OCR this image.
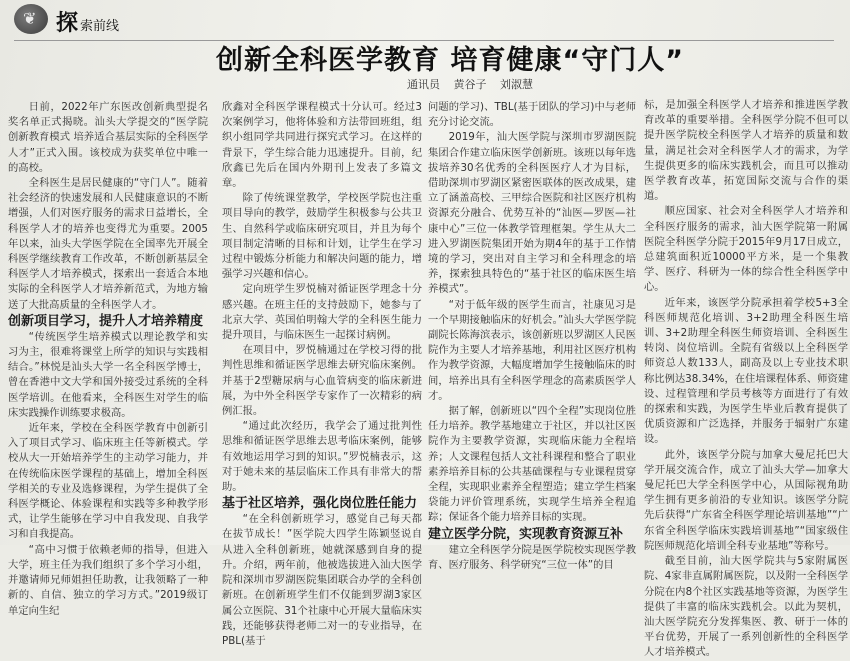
❦ 探索前线
创新全科医学教育 培育健康“守门人”
通讯员 黄谷子 刘淑慧

日前，2022年广东医改创新典型提名奖名单正式揭晓。汕头大学提交的“医学院创新教育模式 培养适合基层实际的全科医学人才”正式入围。该校成为获奖单位中唯一的高校。

全科医生是居民健康的“守门人”。随着社会经济的快速发展和人民健康意识的不断增强，人们对医疗服务的需求日益增长，全科医学人才的培养也变得尤为重要。2005年以来，汕头大学医学院在全国率先开展全科医学继续教育工作改革，不断创新基层全科医学人才培养模式，探索出一套适合本地实际的全科医学人才培养新范式，为地方输送了大批高质量的全科医学人才。

创新项目学习，提升人才培养精度

“传统医学生培养模式以理论教学和实习为主，很难将课堂上所学的知识与实践相结合。”林悦是汕头大学一名全科医学博士，曾在香港中文大学和国外接受过系统的全科医学培训。在他看来，全科医生对学生的临床实践操作训练要求极高。

近年来，学校在全科医学教育中创新引入了项目式学习、临床班主任等新模式。学校从大一开始培养学生的主动学习能力，并在传统临床医学课程的基础上，增加全科医学相关的专业及选修课程，为学生提供了全科医学概论、体验课程和实践等多种教学形式，让学生能够在学习中自我发现、自我学习和自我提高。

“高中习惯于依赖老师的指导，但进入大学，班主任为我们组织了多个学习小组，并邀请师兄师姐担任助教，让我领略了一种新的、自信、独立的学习方式。”2019级订单定向生纪

欣鑫对全科医学课程模式十分认可。经过3次案例学习，他将体验和方法带回班组，组织小组同学共同进行探究式学习。在这样的背景下，学生综合能力迅速提升。目前，纪欣鑫已先后在国内外期刊上发表了多篇文章。

除了传统课堂教学，学校医学院也注重项目导向的教学，鼓励学生积极参与公共卫生、自然科学或临床研究项目，并且为每个项目制定清晰的目标和计划，让学生在学习过程中锻炼分析能力和解决问题的能力，增强学习兴趣和信心。

定向班学生罗悦楠对循证医学理念十分感兴趣。在班主任的支持鼓励下，她参与了北京大学、英国伯明翰大学的全科医生能力提升项目，与临床医生一起探讨病例。

在项目中，罗悦楠通过在学校习得的批判性思维和循证医学思维去研究临床案例。并基于2型糖尿病与心血管病变的临床新进展，为中外全科医学专家作了一次精彩的病例汇报。

“通过此次经历，我学会了通过批判性思维和循证医学思维去思考临床案例，能够有效地运用学习到的知识。”罗悦楠表示，这对于她未来的基层临床工作具有非常大的帮助。

基于社区培养，强化岗位胜任能力

“在全科创新班学习，感觉自己每天都在拔节成长！”医学院大四学生陈颖竖说自从进入全科创新班，她就深感到自身的提升。介绍，两年前，他被选拔进入汕大医学院和深圳市罗湖医院集团联合办学的全科创新班。在创新班学生们不仅能到罗湖3家区属公立医院、31个社康中心开展大量临床实践，还能够获得老师二对一的专业指导，在PBL(基于

问题的学习)、TBL(基于团队的学习)中与老师充分讨论交流。

2019年，汕大医学院与深圳市罗湖医院集团合作建立临床医学创新班。该班以每年选拔培养30名优秀的全科医医疗人才为目标，借助深圳市罗湖区紧密医联体的医改成果，建立了涵盖高校、三甲综合医院和社区医疗机构资源充分融合、优势互补的“汕医—罗医—社康中心”三位一体教学管理框架。学生从大二进入罗湖医院集团开始为期4年的基于工作情境的学习，突出对自主学习和全科理念的培养，探索独具特色的“基于社区的临床医生培养模式”。

“对于低年级的医学生而言，社康见习是一个早期接触临床的好机会。”汕头大学医学院副院长陈海滨表示，该创新班以罗湖区人民医院作为主要人才培养基地，利用社区医疗机构作为教学资源，大幅度增加学生接触临床的时间，培养出具有全科医学理念的高素质医学人才。

据了解，创新班以“四个全程”实现岗位胜任力培养。教学基地建立于社区，并以社区医院作为主要教学资源，实现临床能力全程培养；人文课程包括人文社科课程和整合了职业素养培养目标的公共基础课程与专业课程贯穿全程，实现职业素养全程塑造；建立学生档案袋能力评价管理系统，实现学生培养全程追踪；保证各个能力培养目标的实现。

建立医学分院，实现教育资源互补

建立全科医学分院是医学院校实现医学教育、医疗服务、科学研究“三位一体”的目

标，是加强全科医学人才培养和推进医学教育改革的重要举措。全科医学分院不但可以提升医学院校全科医学人才培养的质量和数量，满足社会对全科医学人才的需求，为学生提供更多的临床实践机会，而且可以推动医学教育改革，拓宽国际交流与合作的渠道。

顺应国家、社会对全科医学人才培养和全科医疗服务的需求，汕大医学院第一附属医院全科医学分院于2015年9月17日成立，总建筑面积近10000平方米，是一个集教学、医疗、科研为一体的综合性全科医学中心。

近年来，该医学分院承担着学校5+3全科医师规范化培训、3+2助理全科医生培训、3+2助理全科医生师资培训、全科医生转岗、岗位培训。全院有省级以上全科医学师资总人数133人，副高及以上专业技术职称比例达38.34%，在住培课程体系、师资建设、过程管理和学员考核等方面进行了有效的探索和实践，为医学生毕业后教育提供了优质资源和广泛选择，并服务于辐射广东建设。

此外，该医学分院与加拿大曼尼托巴大学开展交流合作，成立了汕头大学—加拿大曼尼托巴大学全科医学中心，从国际视角助学生拥有更多前沿的专业知识。该医学分院先后获得“广东省全科医学理论培训基地”“广东省全科医学临床实践培训基地”“国家级住院医师规范化培训全科专业基地”等称号。

截至目前，汕大医学院共与5家附属医院、4家非直属附属医院，以及附一全科医学分院在内8个社区实践基地等资源，为医学生提供了丰富的临床实践机会。以此为契机，汕大医学院充分发挥集医、教、研于一体的平台优势，开展了一系列创新性的全科医学人才培养模式。
